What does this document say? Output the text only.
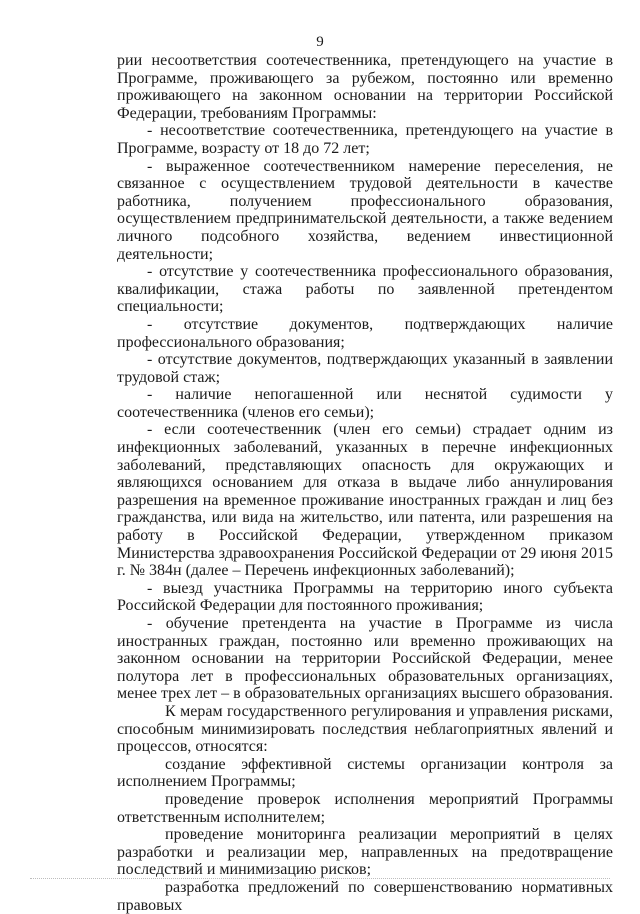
9

рии несоответствия соотечественника, претендующего на участие в Программе, проживающего за рубежом, постоянно или временно проживающего на законном основании на территории Российской Федерации, требованиям Программы:

- несоответствие соотечественника, претендующего на участие в Программе, возрасту от 18 до 72 лет;

- выраженное соотечественником намерение переселения, не связанное с осуществлением трудовой деятельности в качестве работника, получением профессионального образования, осуществлением предпринимательской деятельности, а также ведением личного подсобного хозяйства, ведением инвестиционной деятельности;

- отсутствие у соотечественника профессионального образования, квалификации, стажа работы по заявленной претендентом специальности;

- отсутствие документов, подтверждающих наличие профессионального образования;

- отсутствие документов, подтверждающих указанный в заявлении трудовой стаж;

- наличие непогашенной или неснятой судимости у соотечественника (членов его семьи);

- если соотечественник (член его семьи) страдает одним из инфекционных заболеваний, указанных в перечне инфекционных заболеваний, представляющих опасность для окружающих и являющихся основанием для отказа в выдаче либо аннулирования разрешения на временное проживание иностранных граждан и лиц без гражданства, или вида на жительство, или патента, или разрешения на работу в Российской Федерации, утвержденном приказом Министерства здравоохранения Российской Федерации от 29 июня 2015 г. № 384н (далее – Перечень инфекционных заболеваний);

- выезд участника Программы на территорию иного субъекта Российской Федерации для постоянного проживания;

- обучение претендента на участие в Программе из числа иностранных граждан, постоянно или временно проживающих на законном основании на территории Российской Федерации, менее полутора лет в профессиональных образовательных организациях, менее трех лет – в образовательных организациях высшего образования.

К мерам государственного регулирования и управления рисками, способным минимизировать последствия неблагоприятных явлений и процессов, относятся:

создание эффективной системы организации контроля за исполнением Программы;

проведение проверок исполнения мероприятий Программы ответственным исполнителем;

проведение мониторинга реализации мероприятий в целях разработки и реализации мер, направленных на предотвращение последствий и минимизацию рисков;

разработка предложений по совершенствованию нормативных правовых
